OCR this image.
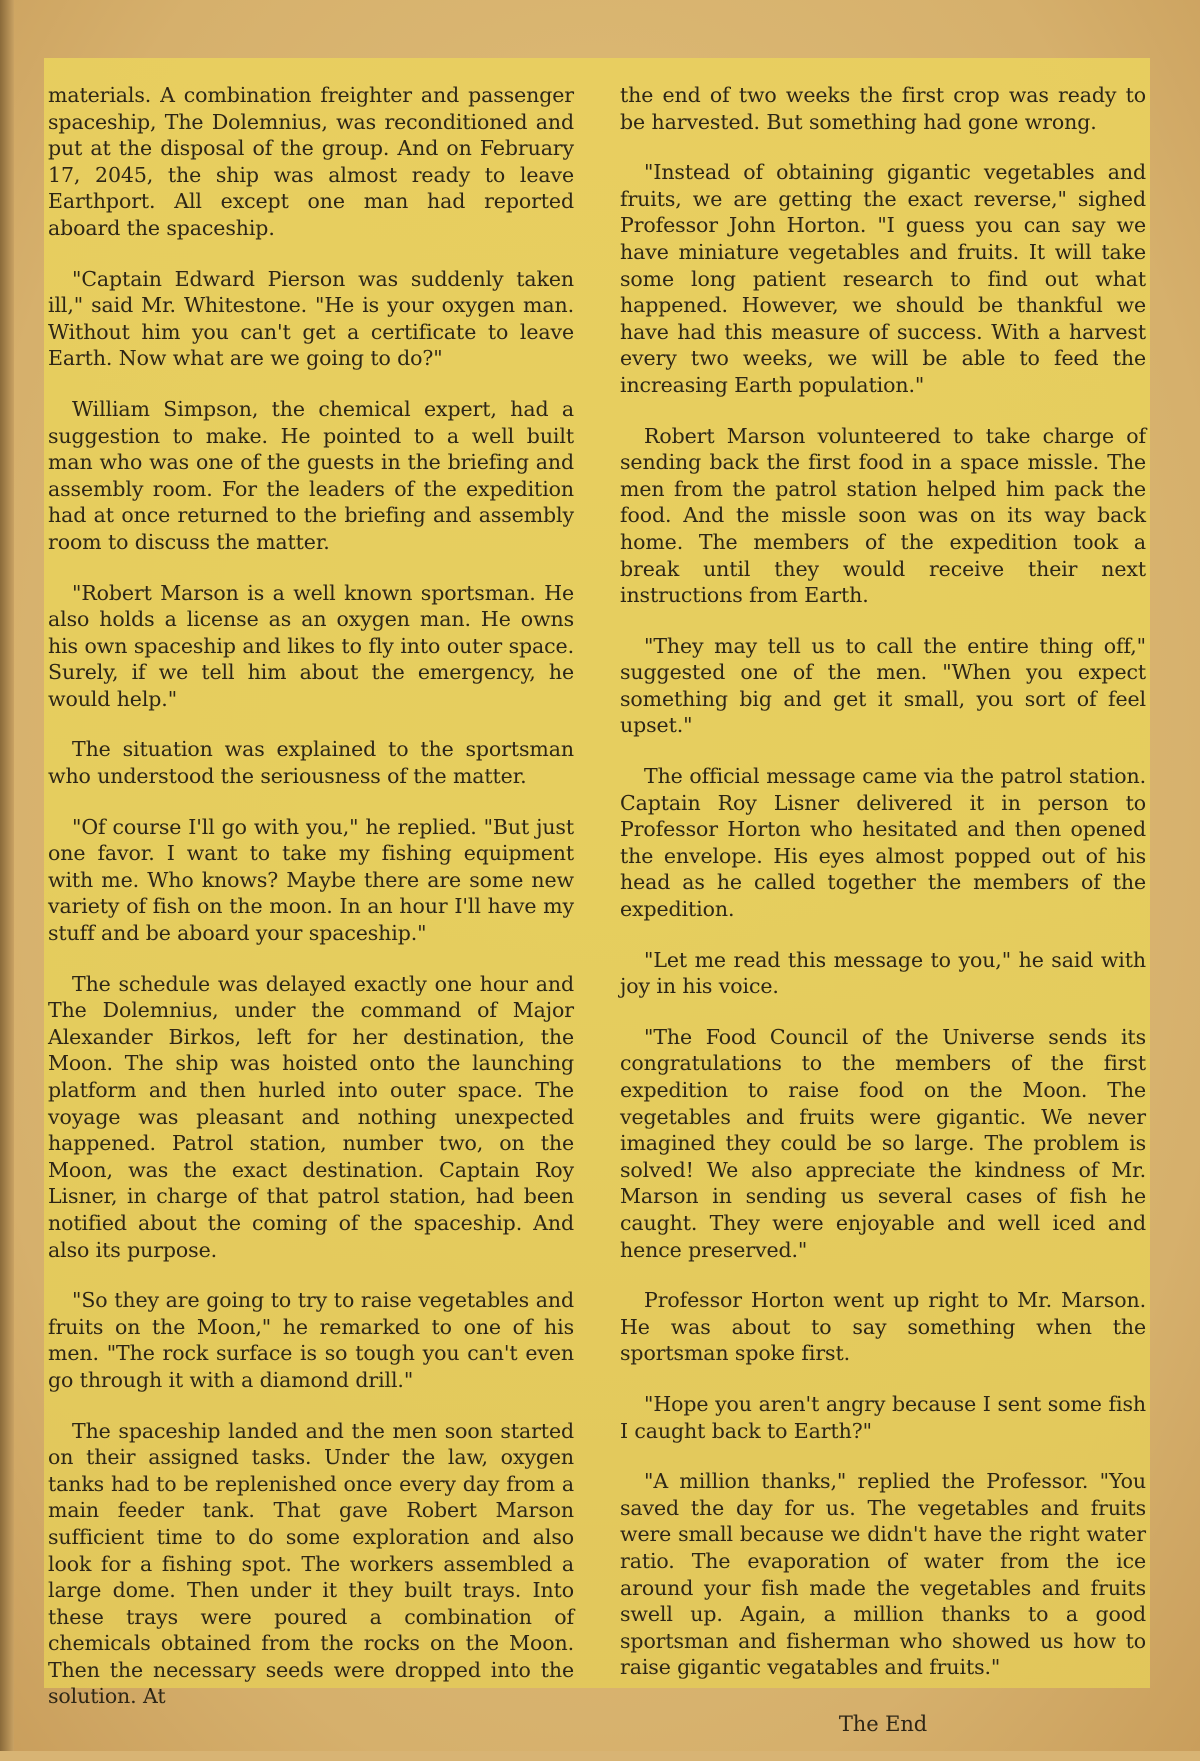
materials. A combination freighter and passenger spaceship, The Dolemnius, was reconditioned and put at the disposal of the group. And on February 17, 2045, the ship was almost ready to leave Earthport. All except one man had reported aboard the spaceship.

"Captain Edward Pierson was suddenly taken ill," said Mr. Whitestone. "He is your oxygen man. Without him you can't get a certificate to leave Earth. Now what are we going to do?"

William Simpson, the chemical expert, had a suggestion to make. He pointed to a well built man who was one of the guests in the briefing and assembly room. For the leaders of the expedition had at once returned to the briefing and assembly room to discuss the matter.

"Robert Marson is a well known sportsman. He also holds a license as an oxygen man. He owns his own spaceship and likes to fly into outer space. Surely, if we tell him about the emergency, he would help."

The situation was explained to the sportsman who understood the seriousness of the matter.

"Of course I'll go with you," he replied. "But just one favor. I want to take my fishing equipment with me. Who knows? Maybe there are some new variety of fish on the moon. In an hour I'll have my stuff and be aboard your spaceship."

The schedule was delayed exactly one hour and The Dolemnius, under the command of Major Alexander Birkos, left for her destination, the Moon. The ship was hoisted onto the launching platform and then hurled into outer space. The voyage was pleasant and nothing unexpected happened. Patrol station, number two, on the Moon, was the exact destination. Captain Roy Lisner, in charge of that patrol station, had been notified about the coming of the spaceship. And also its purpose.

"So they are going to try to raise vegetables and fruits on the Moon," he remarked to one of his men. "The rock surface is so tough you can't even go through it with a diamond drill."

The spaceship landed and the men soon started on their assigned tasks. Under the law, oxygen tanks had to be replenished once every day from a main feeder tank. That gave Robert Marson sufficient time to do some exploration and also look for a fishing spot. The workers assembled a large dome. Then under it they built trays. Into these trays were poured a combination of chemicals obtained from the rocks on the Moon. Then the necessary seeds were dropped into the solution. At

the end of two weeks the first crop was ready to be harvested. But something had gone wrong.

"Instead of obtaining gigantic vegetables and fruits, we are getting the exact reverse," sighed Professor John Horton. "I guess you can say we have miniature vegetables and fruits. It will take some long patient research to find out what happened. However, we should be thankful we have had this measure of success. With a harvest every two weeks, we will be able to feed the increasing Earth population."

Robert Marson volunteered to take charge of sending back the first food in a space missle. The men from the patrol station helped him pack the food. And the missle soon was on its way back home. The members of the expedition took a break until they would receive their next instructions from Earth.

"They may tell us to call the entire thing off," suggested one of the men. "When you expect something big and get it small, you sort of feel upset."

The official message came via the patrol station. Captain Roy Lisner delivered it in person to Professor Horton who hesitated and then opened the envelope. His eyes almost popped out of his head as he called together the members of the expedition.

"Let me read this message to you," he said with joy in his voice.

"The Food Council of the Universe sends its congratulations to the members of the first expedition to raise food on the Moon. The vegetables and fruits were gigantic. We never imagined they could be so large. The problem is solved! We also appreciate the kindness of Mr. Marson in sending us several cases of fish he caught. They were enjoyable and well iced and hence preserved."

Professor Horton went up right to Mr. Marson. He was about to say something when the sportsman spoke first.

"Hope you aren't angry because I sent some fish I caught back to Earth?"

"A million thanks," replied the Professor. "You saved the day for us. The vegetables and fruits were small because we didn't have the right water ratio. The evaporation of water from the ice around your fish made the vegetables and fruits swell up. Again, a million thanks to a good sportsman and fisherman who showed us how to raise gigantic vegatables and fruits."

The End
